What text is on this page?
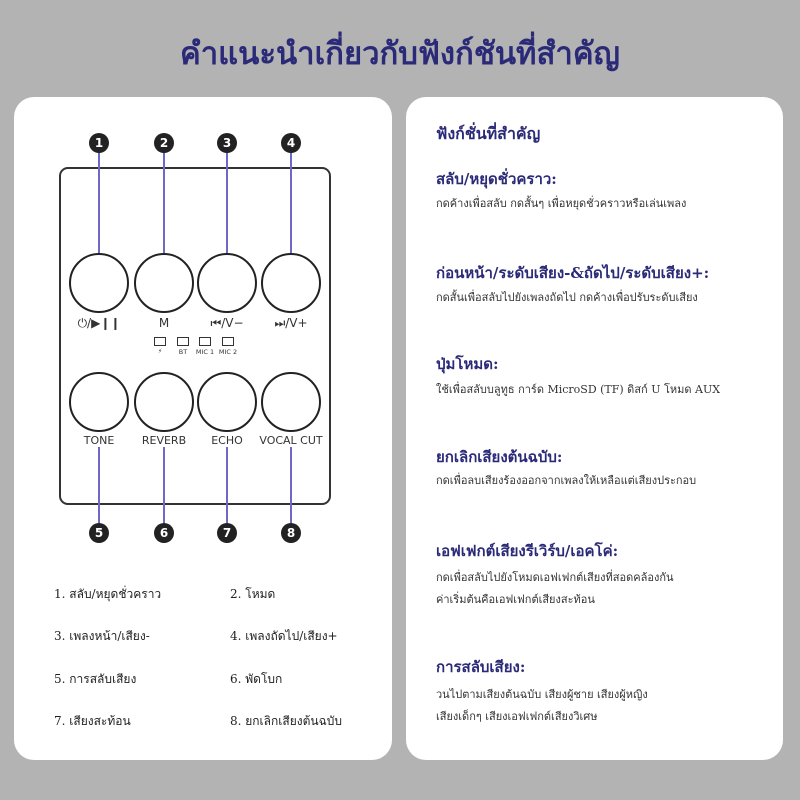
คำแนะนำเกี่ยวกับฟังก์ชันที่สำคัญ
1	2	3	4
⏻/▶❙❙	M	⏮/V−	⏭/V+
⚡	BT	MIC 1 MIC 2
TONE	REVERB	ECHO	VOCAL CUT
5	6	7	8
1. สลับ/หยุดชั่วคราว	2. โหมด
3. เพลงหน้า/เสียง-	4. เพลงถัดไป/เสียง+
5. การสลับเสียง	6. พัดโบก
7. เสียงสะท้อน	8. ยกเลิกเสียงต้นฉบับ
ฟังก์ชั่นที่สำคัญ
สลับ/หยุดชั่วคราว:
กดค้างเพื่อสลับ กดสั้นๆ เพื่อหยุดชั่วคราวหรือเล่นเพลง
ก่อนหน้า/ระดับเสียง-&ถัดไป/ระดับเสียง+:
กดสั้นเพื่อสลับไปยังเพลงถัดไป กดค้างเพื่อปรับระดับเสียง
ปุ่มโหมด:
ใช้เพื่อสลับบลูทูธ การ์ด MicroSD (TF) ดิสก์ U โหมด AUX
ยกเลิกเสียงต้นฉบับ:
กดเพื่อลบเสียงร้องออกจากเพลงให้เหลือแต่เสียงประกอบ
เอฟเฟกต์เสียงรีเวิร์บ/เอคโค่:
กดเพื่อสลับไปยังโหมดเอฟเฟกต์เสียงที่สอดคล้องกัน
ค่าเริ่มต้นคือเอฟเฟกต์เสียงสะท้อน
การสลับเสียง:
วนไปตามเสียงต้นฉบับ เสียงผู้ชาย เสียงผู้หญิง
เสียงเด็กๆ เสียงเอฟเฟกต์เสียงวิเศษ
